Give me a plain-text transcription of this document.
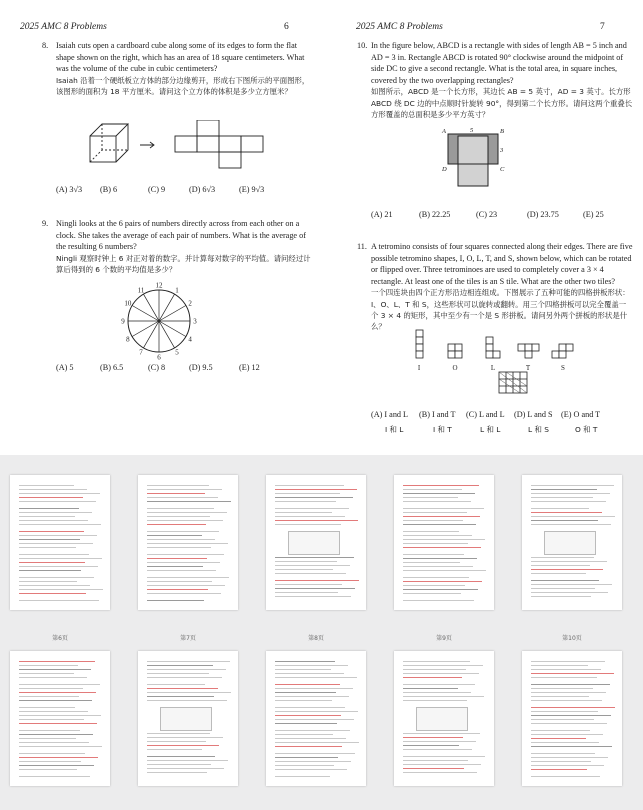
2025 AMC 8 Problems	6
8. Isaiah cuts open a cardboard cube along some of its edges to form the flat shape shown on the right, which has an area of 18 square centimeters. What was the volume of the cube in cubic centimeters?
Isaiah 沿着一个硬纸板立方体的部分边缘剪开，形成右下图所示的平面图形，该图形的面积为 18 平方厘米。请问这个立方体的体积是多少立方厘米？
(A) 3√3 (B) 6	(C) 9	(D) 6√3	(E) 9√3
9. Ningli looks at the 6 pairs of numbers directly across from each other on a clock. She takes the average of each pair of numbers. What is the average of the resulting 6 numbers?
Ningli 观察时钟上 6 对正对着的数字。并计算每对数字的平均值。请问经过计算后得到的 6 个数的平均值是多少？
12
1
2
3
4
5
6
7
8
9
10
11
(A) 5	(B) 6.5	(C) 8	(D) 9.5	(E) 12
2025 AMC 8 Problems	7
10. In the figure below, ABCD is a rectangle with sides of length AB = 5 inch and AD = 3 in. Rectangle ABCD is rotated 90° clockwise around the midpoint of side DC to give a second rectangle. What is the total area, in square inches, covered by the two overlapping rectangles?
如图所示，ABCD 是一个长方形，其边长 AB = 5 英寸，AD = 3 英寸。长方形 ABCD 绕 DC 边的中点顺时针旋转 90°，得到第二个长方形。请问这两个重叠长方形覆盖的总面积是多少平方英寸？
A	5	B
3
D	C
(A) 21	(B) 22.25	(C) 23	(D) 23.75	(E) 25
11. A tetromino consists of four squares connected along their edges. There are five possible tetromino shapes, I, O, L, T, and S, shown below, which can be rotated or flipped over. Three tetrominoes are used to completely cover a 3 × 4 rectangle. At least one of the tiles is an S tile. What are the other two tiles?
一个四连块由四个正方形沿边相连组成。下图展示了五种可能的四格拼板形状：I、O、L、T 和 S，这些形状可以旋转或翻转。用三个四格拼板可以完全覆盖一个 3 × 4 的矩形，其中至少有一个是 S 形拼板。请问另外两个拼板的形状是什么？
I	O	L	T	S
(A) I and L (B) I and T (C) L and L (D) L and S (E) O and T
I 和 L	I 和 T	L 和 L	L 和 S	O 和 T
第6页	第7页	第8页	第9页	第10页
